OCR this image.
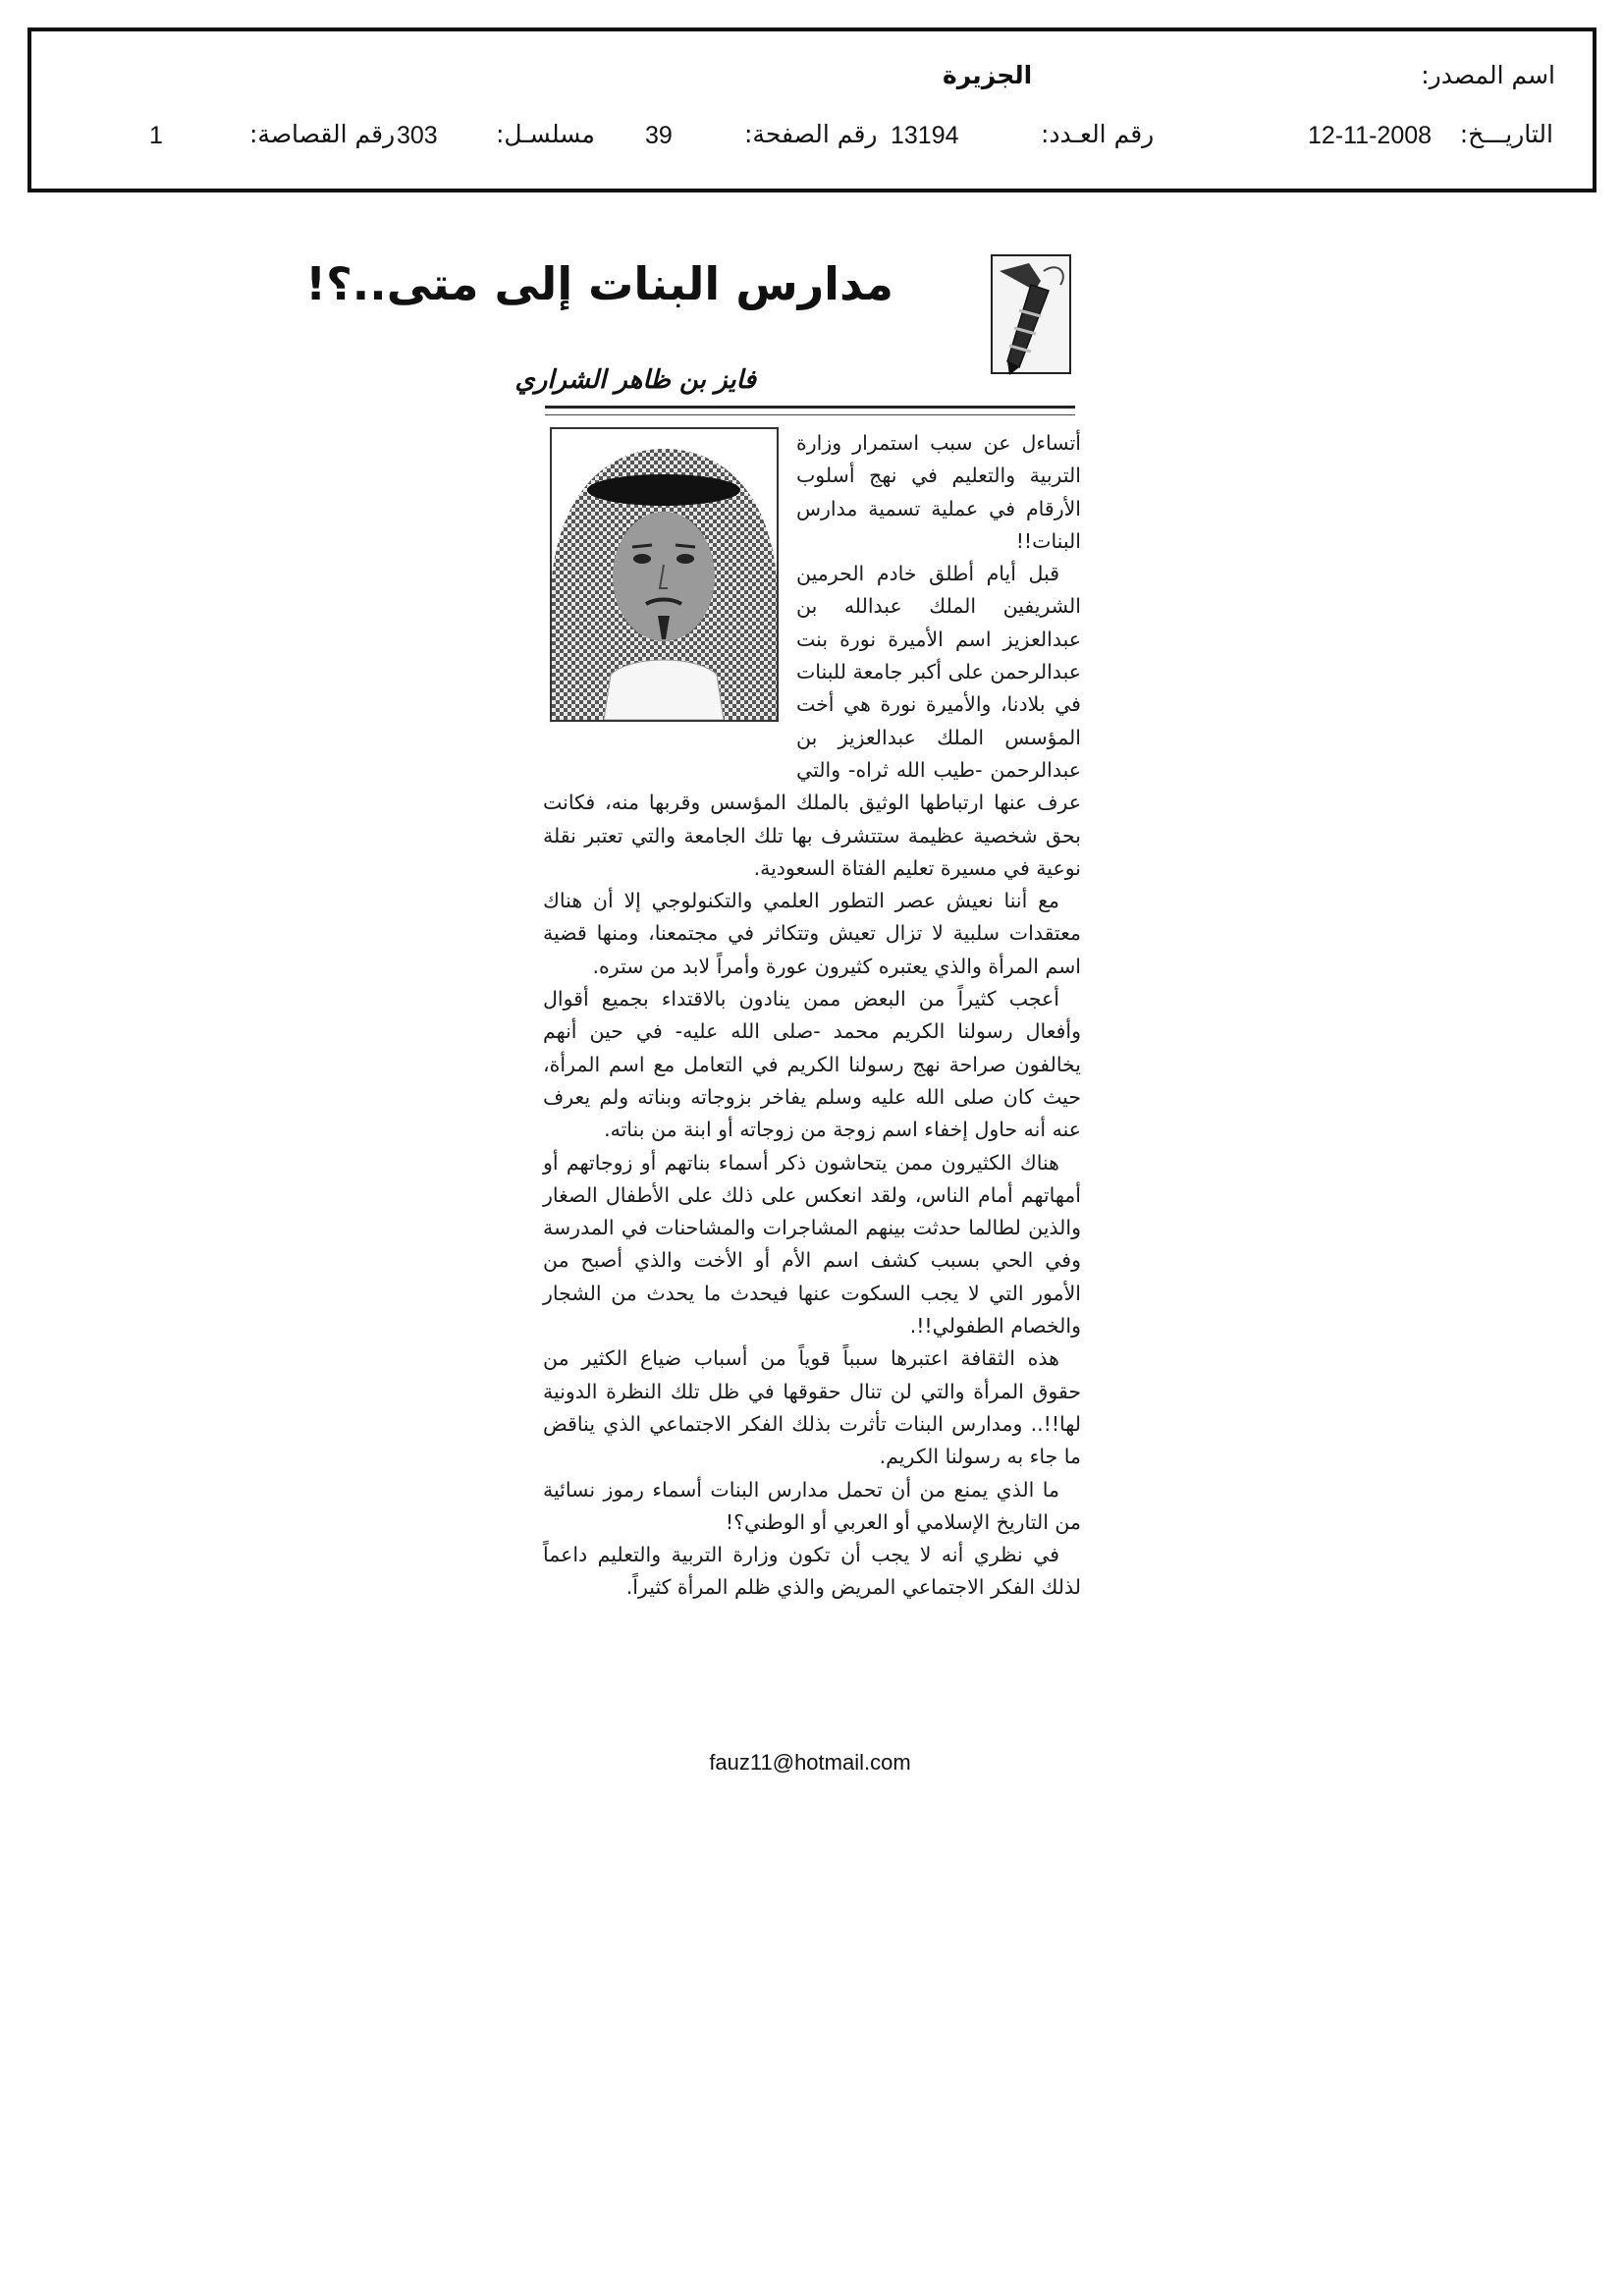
اسم المصدر:
الجزيرة
التاريـــخ:
12-11-2008
رقم العـدد:
13194
رقم الصفحة:
39
مسلسـل:
303
رقم القصاصة:
1
مدارس البنات إلى متى..؟!
فايز بن ظاهر الشراري

أتساءل عن سبب استمرار وزارة التربية والتعليم في نهج أسلوب الأرقام في عملية تسمية مدارس البنات!!

قبل أيام أطلق خادم الحرمين الشريفين الملك عبدالله بن عبدالعزيز اسم الأميرة نورة بنت عبدالرحمن على أكبر جامعة للبنات في بلادنا، والأميرة نورة هي أخت المؤسس الملك عبدالعزيز بن عبدالرحمن -طيب الله ثراه- والتي عرف عنها ارتباطها الوثيق بالملك المؤسس وقربها منه، فكانت بحق شخصية عظيمة ستتشرف بها تلك الجامعة والتي تعتبر نقلة نوعية في مسيرة تعليم الفتاة السعودية.

مع أننا نعيش عصر التطور العلمي والتكنولوجي إلا أن هناك معتقدات سلبية لا تزال تعيش وتتكاثر في مجتمعنا، ومنها قضية اسم المرأة والذي يعتبره كثيرون عورة وأمراً لابد من ستره.

أعجب كثيراً من البعض ممن ينادون بالاقتداء بجميع أقوال وأفعال رسولنا الكريم محمد -صلى الله عليه- في حين أنهم يخالفون صراحة نهج رسولنا الكريم في التعامل مع اسم المرأة، حيث كان صلى الله عليه وسلم يفاخر بزوجاته وبناته ولم يعرف عنه أنه حاول إخفاء اسم زوجة من زوجاته أو ابنة من بناته.

هناك الكثيرون ممن يتحاشون ذكر أسماء بناتهم أو زوجاتهم أو أمهاتهم أمام الناس، ولقد انعكس على ذلك على الأطفال الصغار والذين لطالما حدثت بينهم المشاجرات والمشاحنات في المدرسة وفي الحي بسبب كشف اسم الأم أو الأخت والذي أصبح من الأمور التي لا يجب السكوت عنها فيحدث ما يحدث من الشجار والخصام الطفولي!!.

هذه الثقافة اعتبرها سبباً قوياً من أسباب ضياع الكثير من حقوق المرأة والتي لن تنال حقوقها في ظل تلك النظرة الدونية لها!!.. ومدارس البنات تأثرت بذلك الفكر الاجتماعي الذي يناقض ما جاء به رسولنا الكريم.

ما الذي يمنع من أن تحمل مدارس البنات أسماء رموز نسائية من التاريخ الإسلامي أو العربي أو الوطني؟!

في نظري أنه لا يجب أن تكون وزارة التربية والتعليم داعماً لذلك الفكر الاجتماعي المريض والذي ظلم المرأة كثيراً.

fauz11@hotmail.com
